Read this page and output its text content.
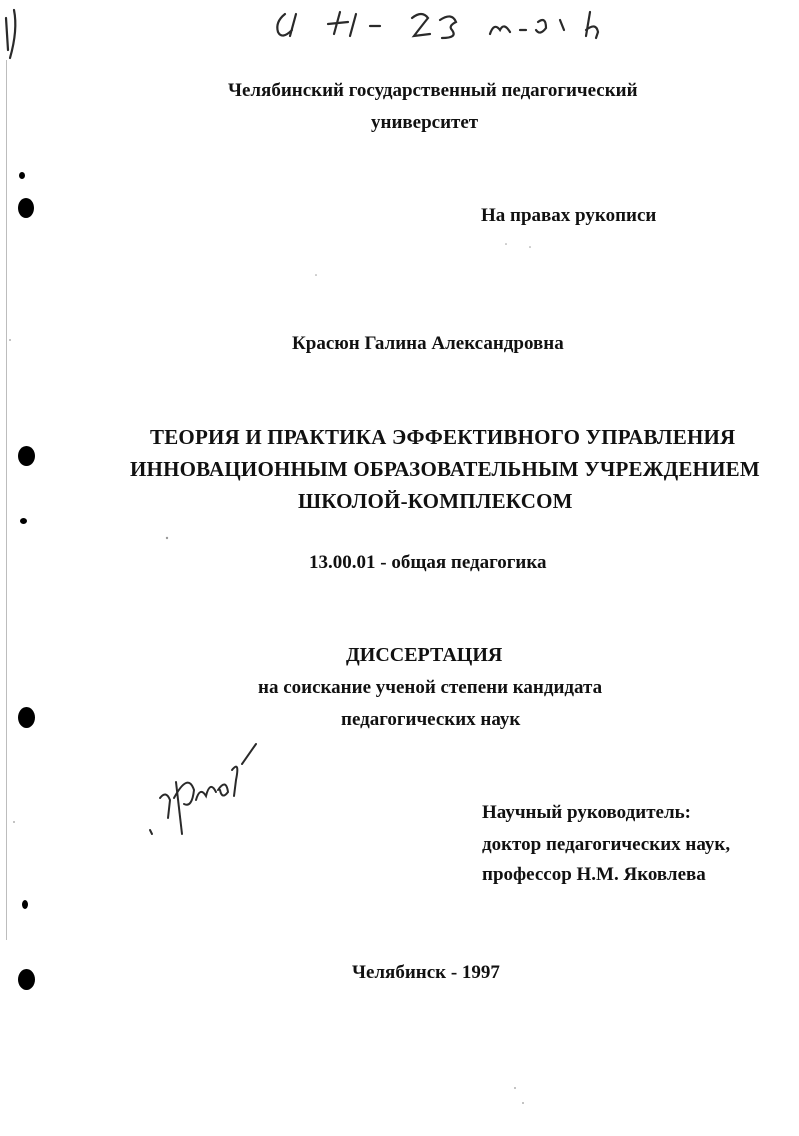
Челябинский государственный педагогический
университет
На правах рукописи
Красюн Галина Александровна
ТЕОРИЯ И ПРАКТИКА ЭФФЕКТИВНОГО УПРАВЛЕНИЯ
ИННОВАЦИОННЫМ ОБРАЗОВАТЕЛЬНЫМ УЧРЕЖДЕНИЕМ
ШКОЛОЙ-КОМПЛЕКСОМ
13.00.01 - общая педагогика
ДИССЕРТАЦИЯ
на соискание ученой степени кандидата
педагогических наук
Научный руководитель:
доктор педагогических наук,
профессор Н.М. Яковлева
Челябинск - 1997
